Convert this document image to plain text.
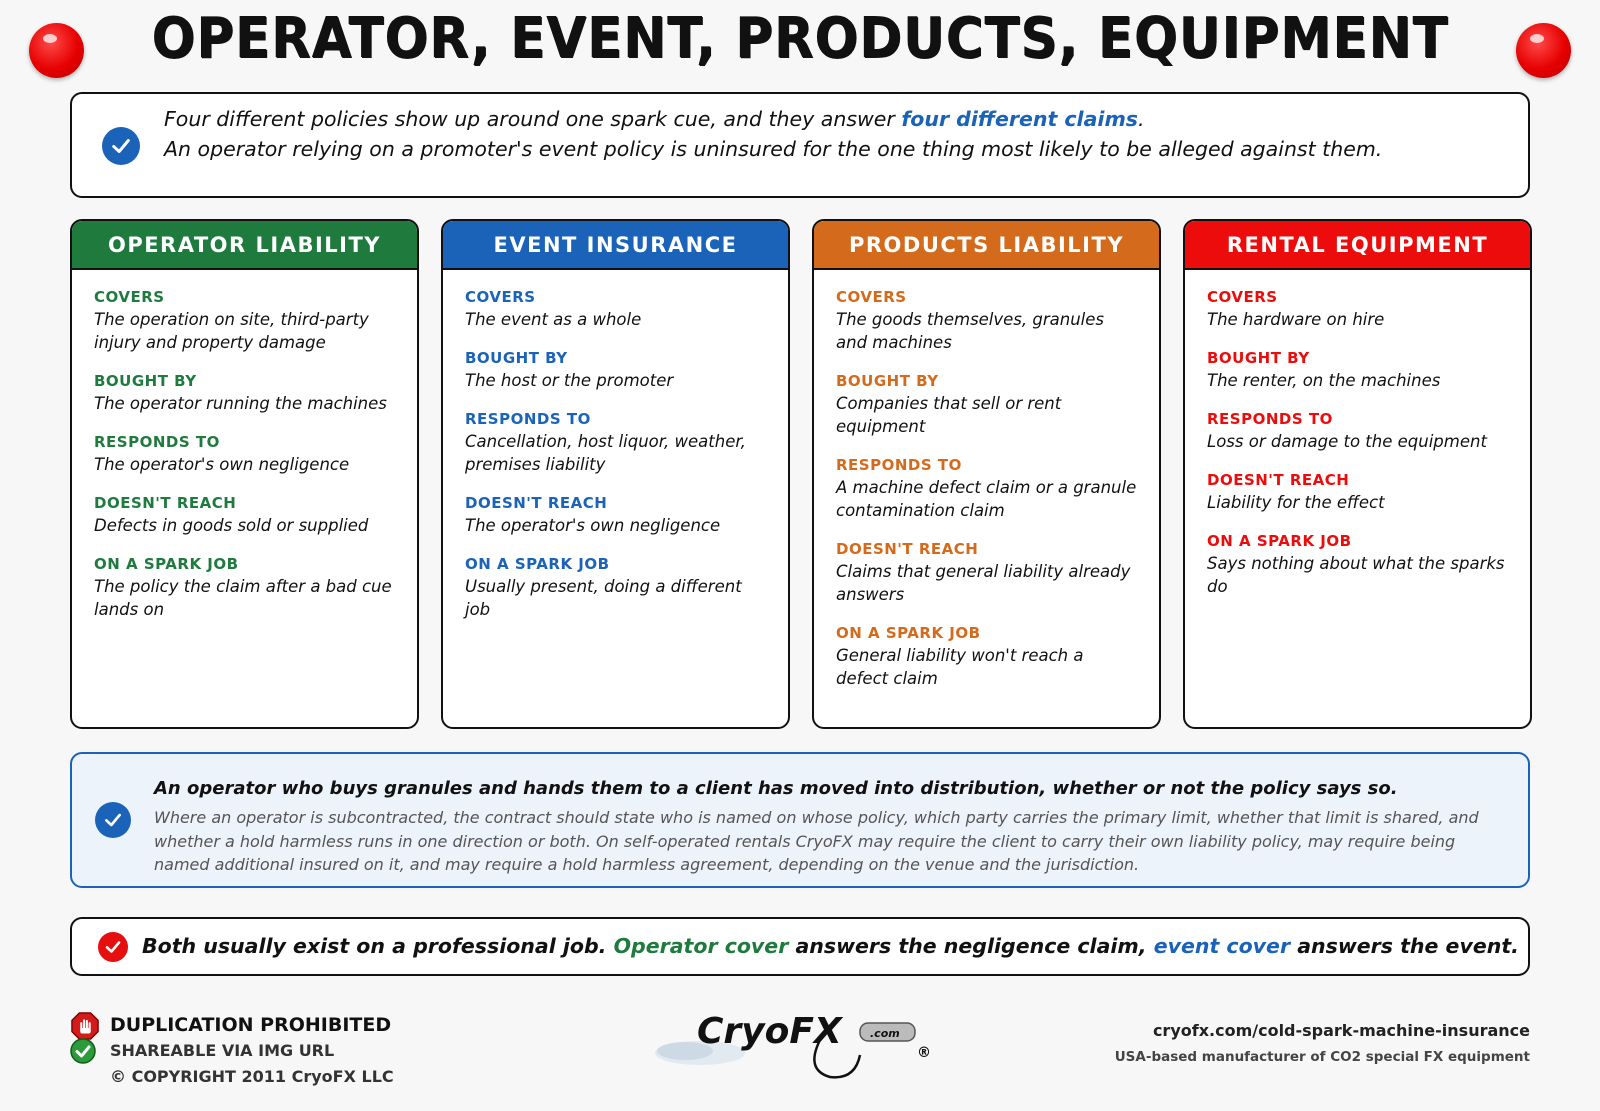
OPERATOR, EVENT, PRODUCTS, EQUIPMENT
Four different policies show up around one spark cue, and they answer four different claims.
An operator relying on a promoter's event policy is uninsured for the one thing most likely to be alleged against them.
OPERATOR LIABILITY
COVERS
The operation on site, third-party injury and property damage
BOUGHT BY
The operator running the machines
RESPONDS TO
The operator's own negligence
DOESN'T REACH
Defects in goods sold or supplied
ON A SPARK JOB
The policy the claim after a bad cue lands on
EVENT INSURANCE
COVERS
The event as a whole
BOUGHT BY
The host or the promoter
RESPONDS TO
Cancellation, host liquor, weather, premises liability
DOESN'T REACH
The operator's own negligence
ON A SPARK JOB
Usually present, doing a different job
PRODUCTS LIABILITY
COVERS
The goods themselves, granules and machines
BOUGHT BY
Companies that sell or rent equipment
RESPONDS TO
A machine defect claim or a granule contamination claim
DOESN'T REACH
Claims that general liability already answers
ON A SPARK JOB
General liability won't reach a defect claim
RENTAL EQUIPMENT
COVERS
The hardware on hire
BOUGHT BY
The renter, on the machines
RESPONDS TO
Loss or damage to the equipment
DOESN'T REACH
Liability for the effect
ON A SPARK JOB
Says nothing about what the sparks do
An operator who buys granules and hands them to a client has moved into distribution, whether or not the policy says so.
Where an operator is subcontracted, the contract should state who is named on whose policy, which party carries the primary limit, whether that limit is shared, and whether a hold harmless runs in one direction or both. On self-operated rentals CryoFX may require the client to carry their own liability policy, may require being named additional insured on it, and may require a hold harmless agreement, depending on the venue and the jurisdiction.
Both usually exist on a professional job. Operator cover answers the negligence claim, event cover answers the event.
DUPLICATION PROHIBITED
SHAREABLE VIA IMG URL
© COPYRIGHT 2011 CryoFX LLC
CryoFX	.com
®
cryofx.com/cold-spark-machine-insurance
USA-based manufacturer of CO2 special FX equipment
